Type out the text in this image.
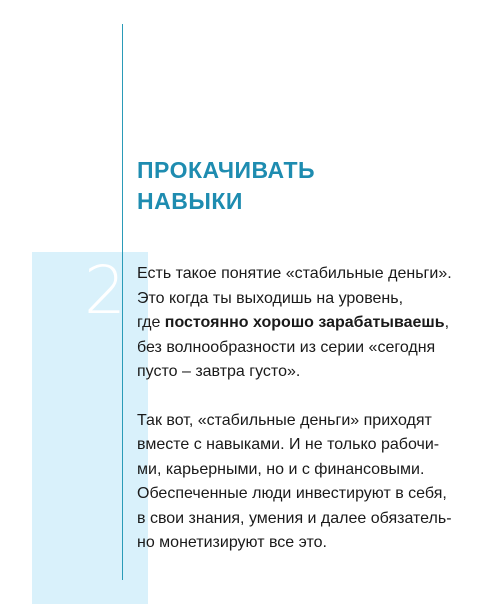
2
ПРОКАЧИВАТЬ
НАВЫКИ

Есть такое понятие «стабильные деньги».
Это когда ты выходишь на уровень,
где постоянно хорошо зарабатываешь,
без волнообразности из серии «сегодня
пусто – завтра густо».

Так вот, «стабильные деньги» приходят
вместе с навыками. И не только рабочи-
ми, карьерными, но и с финансовыми.
Обеспеченные люди инвестируют в себя,
в свои знания, умения и далее обязатель-
но монетизируют все это.
